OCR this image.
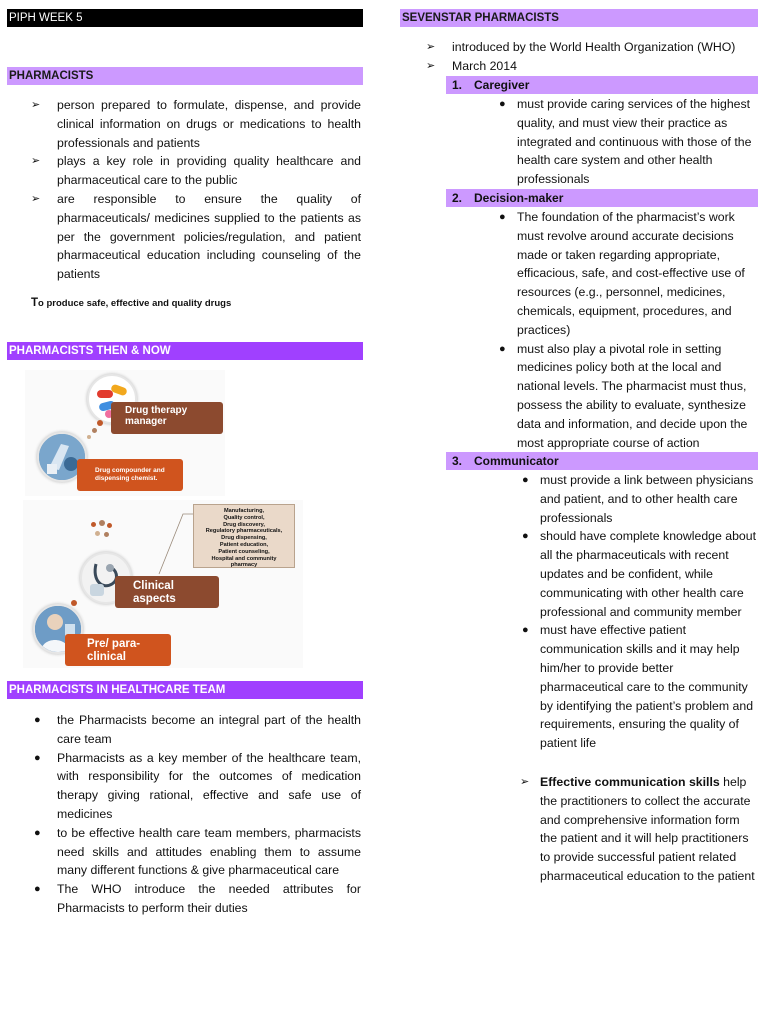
PIPH WEEK 5
PHARMACISTS
➢ person prepared to formulate, dispense, and provide clinical information on drugs or medications to health professionals and patients
➢ plays a key role in providing quality healthcare and pharmaceutical care to the public
➢ are responsible to ensure the quality of pharmaceuticals/ medicines supplied to the patients as per the government policies/regulation, and patient pharmaceutical education including counseling of the patients
To produce safe, effective and quality drugs
PHARMACISTS THEN & NOW
Drug therapy manager
Drug compounder and dispensing chemist.
Manufacturing,
Quality control,
Drug discovery,
Regulatory pharmaceuticals,
Drug dispensing,
Patient education,
Patient counseling,
Hospital and community
pharmacy
Clinical aspects
Pre/ para-clinical
PHARMACISTS IN HEALTHCARE TEAM
● the Pharmacists become an integral part of the health care team
● Pharmacists as a key member of the healthcare team, with responsibility for the outcomes of medication therapy giving rational, effective and safe use of medicines
● to be effective health care team members, pharmacists need skills and attitudes enabling them to assume many different functions & give pharmaceutical care
● The WHO introduce the needed attributes for Pharmacists to perform their duties
SEVENSTAR PHARMACISTS
➢ introduced by the World Health Organization (WHO)
➢ March 2014
1. Caregiver
● must provide caring services of the highest quality, and must view their practice as integrated and continuous with those of the health care system and other health professionals
2. Decision-maker
● The foundation of the pharmacist’s work must revolve around accurate decisions made or taken regarding appropriate, efficacious, safe, and cost-effective use of resources (e.g., personnel, medicines, chemicals, equipment, procedures, and practices)
● must also play a pivotal role in setting medicines policy both at the local and national levels. The pharmacist must thus, possess the ability to evaluate, synthesize data and information, and decide upon the most appropriate course of action
3. Communicator
● must provide a link between physicians and patient, and to other health care professionals
● should have complete knowledge about all the pharmaceuticals with recent updates and be confident, while communicating with other health care professional and community member
● must have effective patient communication skills and it may help him/her to provide better pharmaceutical care to the community by identifying the patient’s problem and requirements, ensuring the quality of patient life
➢ Effective communication skills help the practitioners to collect the accurate and comprehensive information form the patient and it will help practitioners to provide successful patient related pharmaceutical education to the patient
